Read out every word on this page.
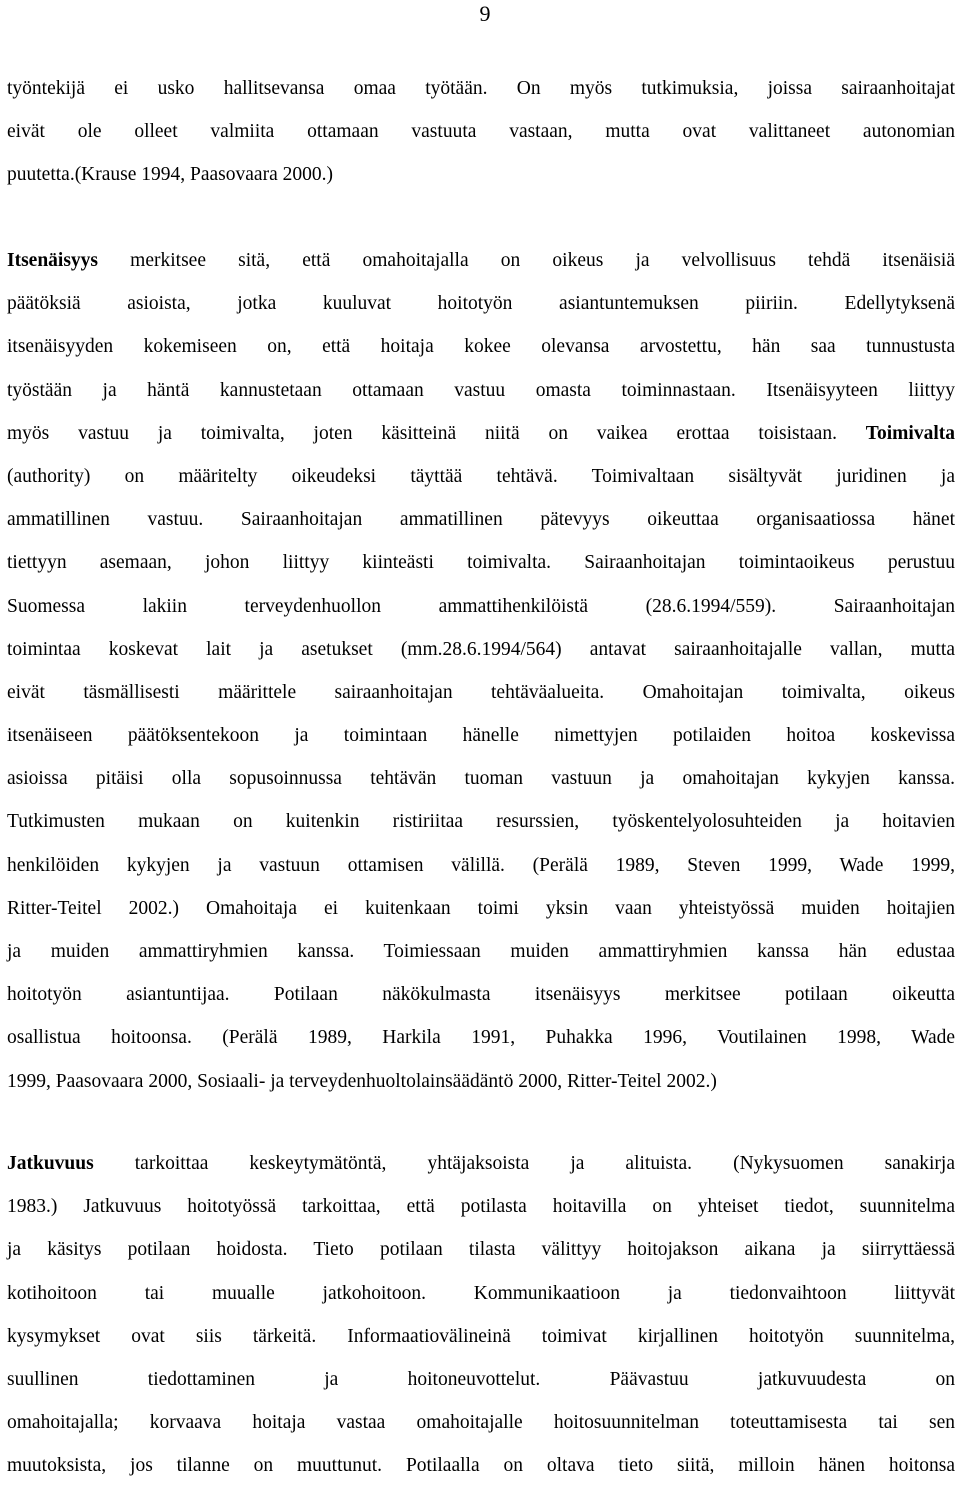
9
työntekijä ei usko hallitsevansa omaa työtään. On myös tutkimuksia, joissa sairaanhoitajat
eivät ole olleet valmiita ottamaan vastuuta vastaan, mutta ovat valittaneet autonomian
puutetta.(Krause 1994, Paasovaara 2000.)
Itsenäisyys merkitsee sitä, että omahoitajalla on oikeus ja velvollisuus tehdä itsenäisiä
päätöksiä asioista, jotka kuuluvat hoitotyön asiantuntemuksen piiriin. Edellytyksenä
itsenäisyyden kokemiseen on, että hoitaja kokee olevansa arvostettu, hän saa tunnustusta
työstään ja häntä kannustetaan ottamaan vastuu omasta toiminnastaan. Itsenäisyyteen liittyy
myös vastuu ja toimivalta, joten käsitteinä niitä on vaikea erottaa toisistaan. Toimivalta
(authority) on määritelty oikeudeksi täyttää tehtävä. Toimivaltaan sisältyvät juridinen ja
ammatillinen vastuu. Sairaanhoitajan ammatillinen pätevyys oikeuttaa organisaatiossa hänet
tiettyyn asemaan, johon liittyy kiinteästi toimivalta. Sairaanhoitajan toimintaoikeus perustuu
Suomessa lakiin terveydenhuollon ammattihenkilöistä (28.6.1994/559). Sairaanhoitajan
toimintaa koskevat lait ja asetukset (mm.28.6.1994/564) antavat sairaanhoitajalle vallan, mutta
eivät täsmällisesti määrittele sairaanhoitajan tehtäväalueita. Omahoitajan toimivalta, oikeus
itsenäiseen päätöksentekoon ja toimintaan hänelle nimettyjen potilaiden hoitoa koskevissa
asioissa pitäisi olla sopusoinnussa tehtävän tuoman vastuun ja omahoitajan kykyjen kanssa.
Tutkimusten mukaan on kuitenkin ristiriitaa resurssien, työskentelyolosuhteiden ja hoitavien
henkilöiden kykyjen ja vastuun ottamisen välillä. (Perälä 1989, Steven 1999, Wade 1999,
Ritter-Teitel 2002.) Omahoitaja ei kuitenkaan toimi yksin vaan yhteistyössä muiden hoitajien
ja muiden ammattiryhmien kanssa. Toimiessaan muiden ammattiryhmien kanssa hän edustaa
hoitotyön asiantuntijaa. Potilaan näkökulmasta itsenäisyys merkitsee potilaan oikeutta
osallistua hoitoonsa. (Perälä 1989, Harkila 1991, Puhakka 1996, Voutilainen 1998, Wade
1999, Paasovaara 2000, Sosiaali- ja terveydenhuoltolainsäädäntö 2000, Ritter-Teitel 2002.)
Jatkuvuus tarkoittaa keskeytymätöntä, yhtäjaksoista ja alituista. (Nykysuomen sanakirja
1983.) Jatkuvuus hoitotyössä tarkoittaa, että potilasta hoitavilla on yhteiset tiedot, suunnitelma
ja käsitys potilaan hoidosta. Tieto potilaan tilasta välittyy hoitojakson aikana ja siirryttäessä
kotihoitoon tai muualle jatkohoitoon. Kommunikaatioon ja tiedonvaihtoon liittyvät
kysymykset ovat siis tärkeitä. Informaatiovälineinä toimivat kirjallinen hoitotyön suunnitelma,
suullinen tiedottaminen ja hoitoneuvottelut. Päävastuu jatkuvuudesta on
omahoitajalla; korvaava hoitaja vastaa omahoitajalle hoitosuunnitelman toteuttamisesta tai sen
muutoksista, jos tilanne on muuttunut. Potilaalla on oltava tieto siitä, milloin hänen hoitonsa
